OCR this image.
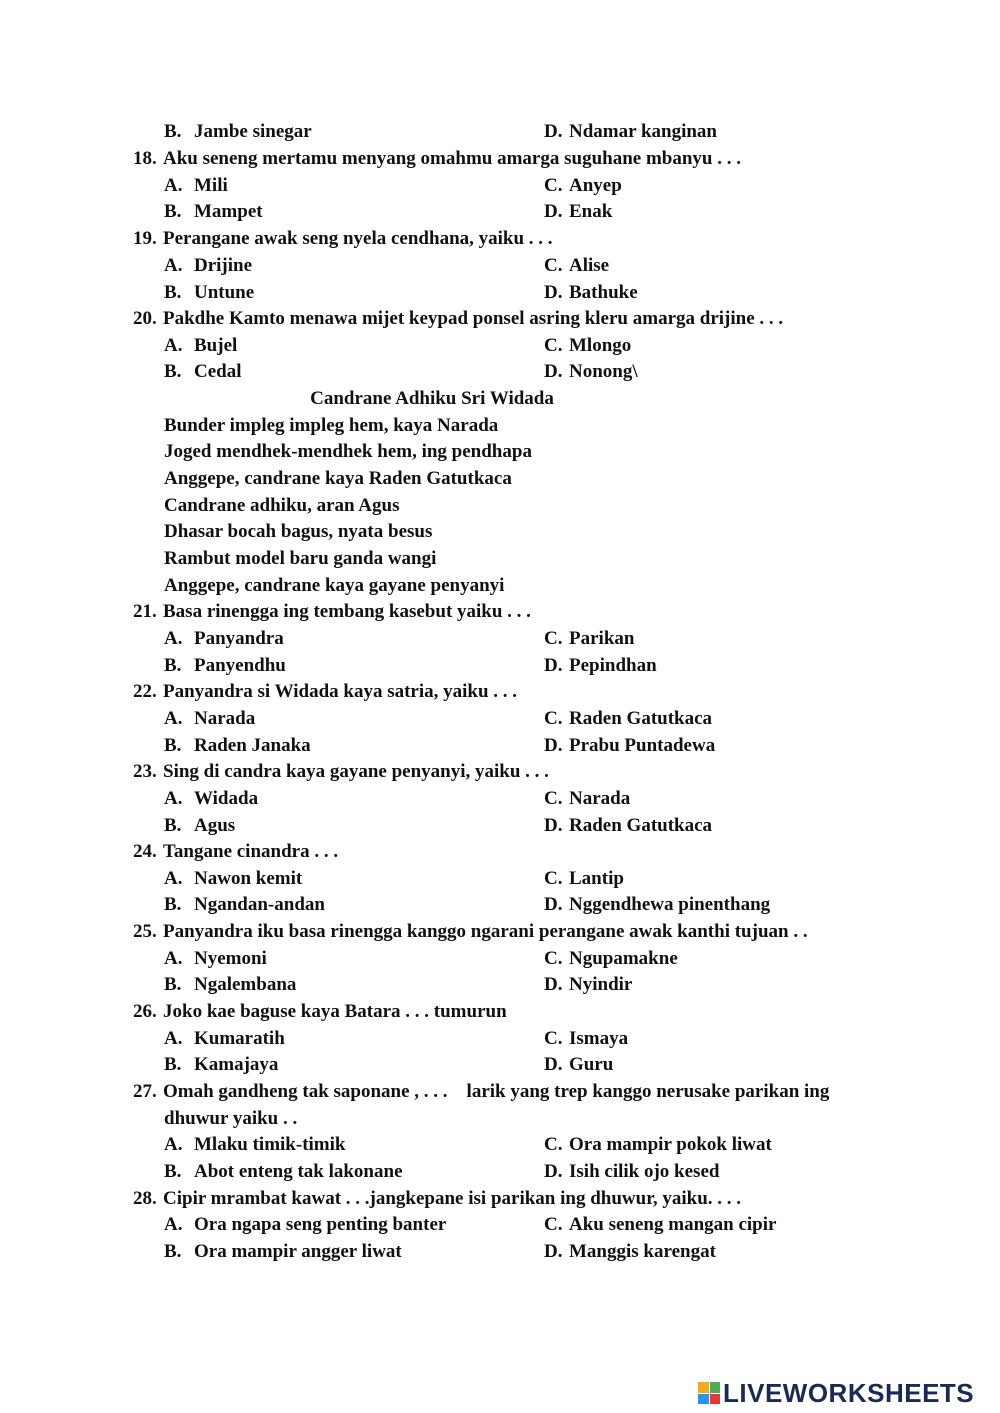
B. Jambe sinegar	D. Ndamar kanginan
18. Aku seneng mertamu menyang omahmu amarga suguhane mbanyu . . .
A. Mili	C. Anyep
B. Mampet	D. Enak
19. Perangane awak seng nyela cendhana, yaiku . . .
A. Drijine	C. Alise
B. Untune	D. Bathuke
20. Pakdhe Kamto menawa mijet keypad ponsel asring kleru amarga drijine . . .
A. Bujel	C. Mlongo
B. Cedal	D. Nonong\
Candrane Adhiku Sri Widada
Bunder impleg impleg hem, kaya Narada
Joged mendhek-mendhek hem, ing pendhapa
Anggepe, candrane kaya Raden Gatutkaca
Candrane adhiku, aran Agus
Dhasar bocah bagus, nyata besus
Rambut model baru ganda wangi
Anggepe, candrane kaya gayane penyanyi
21. Basa rinengga ing tembang kasebut yaiku . . .
A. Panyandra	C. Parikan
B. Panyendhu	D. Pepindhan
22. Panyandra si Widada kaya satria, yaiku . . .
A. Narada	C. Raden Gatutkaca
B. Raden Janaka	D. Prabu Puntadewa
23. Sing di candra kaya gayane penyanyi, yaiku . . .
A. Widada	C. Narada
B. Agus	D. Raden Gatutkaca
24. Tangane cinandra . . .
A. Nawon kemit	C. Lantip
B. Ngandan-andan	D. Nggendhewa pinenthang
25. Panyandra iku basa rinengga kanggo ngarani perangane awak kanthi tujuan . .
A. Nyemoni	C. Ngupamakne
B. Ngalembana	D. Nyindir
26. Joko kae baguse kaya Batara . . . tumurun
A. Kumaratih	C. Ismaya
B. Kamajaya	D. Guru
27. Omah gandheng tak saponane , . . .    larik yang trep kanggo nerusake parikan ing
dhuwur yaiku . .
A. Mlaku timik-timik	C. Ora mampir pokok liwat
B. Abot enteng tak lakonane	D. Isih cilik ojo kesed
28. Cipir mrambat kawat . . .jangkepane isi parikan ing dhuwur, yaiku. . . .
A. Ora ngapa seng penting banter	C. Aku seneng mangan cipir
B. Ora mampir angger liwat	D. Manggis karengat
LIVEWORKSHEETS
